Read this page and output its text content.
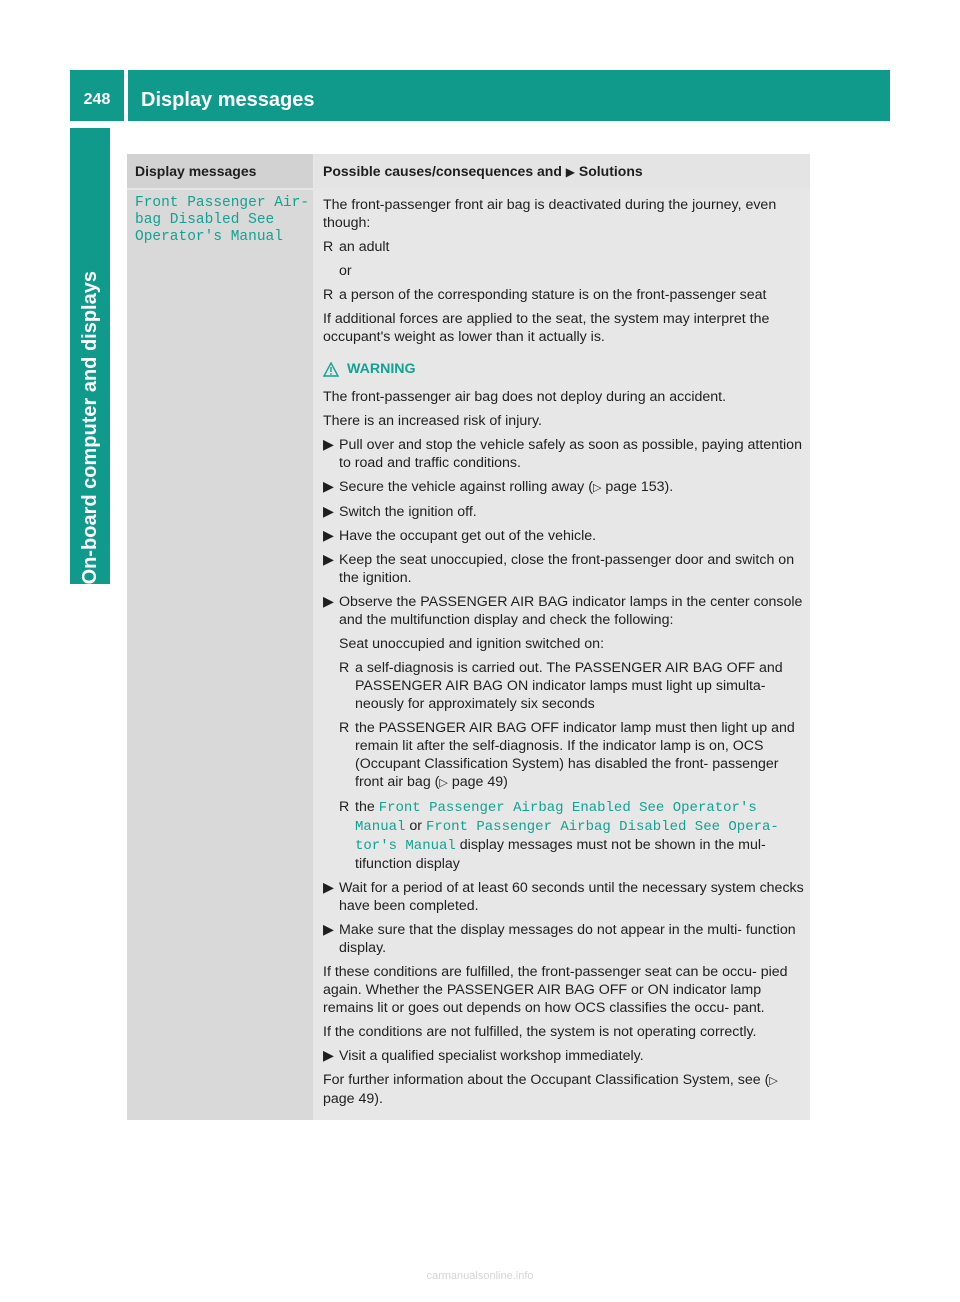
248	Display messages
On-board computer and displays
Display messages	Possible causes/consequences and ▶ Solutions
Front Passenger Air‐
bag Disabled See
Operator's Manual

The front-passenger front air bag is deactivated during the journey, even though:

R an adult

or

R a person of the corresponding stature is on the front-passenger seat

If additional forces are applied to the seat, the system may interpret the occupant's weight as lower than it actually is.

WARNING

The front-passenger air bag does not deploy during an accident.

There is an increased risk of injury.

▶ Pull over and stop the vehicle safely as soon as possible, paying attention to road and traffic conditions.
▶ Secure the vehicle against rolling away (▷ page 153).
▶ Switch the ignition off.
▶ Have the occupant get out of the vehicle.
▶ Keep the seat unoccupied, close the front-passenger door and switch on the ignition.
▶ Observe the PASSENGER AIR BAG indicator lamps in the center console and the multifunction display and check the following:

Seat unoccupied and ignition switched on:

R a self-diagnosis is carried out. The PASSENGER AIR BAG OFF and PASSENGER AIR BAG ON indicator lamps must light up simulta- neously for approximately six seconds
R the PASSENGER AIR BAG OFF indicator lamp must then light up and remain lit after the self-diagnosis. If the indicator lamp is on, OCS (Occupant Classification System) has disabled the front- passenger front air bag (▷ page 49)
R the Front Passenger Airbag Enabled See Operator's Manual or Front Passenger Airbag Disabled See Opera‐ tor's Manual display messages must not be shown in the mul- tifunction display
▶ Wait for a period of at least 60 seconds until the necessary system checks have been completed.
▶ Make sure that the display messages do not appear in the multi- function display.

If these conditions are fulfilled, the front-passenger seat can be occu- pied again. Whether the PASSENGER AIR BAG OFF or ON indicator lamp remains lit or goes out depends on how OCS classifies the occu- pant.

If the conditions are not fulfilled, the system is not operating correctly.

▶ Visit a qualified specialist workshop immediately.

For further information about the Occupant Classification System, see (▷ page 49).

carmanualsonline.info
